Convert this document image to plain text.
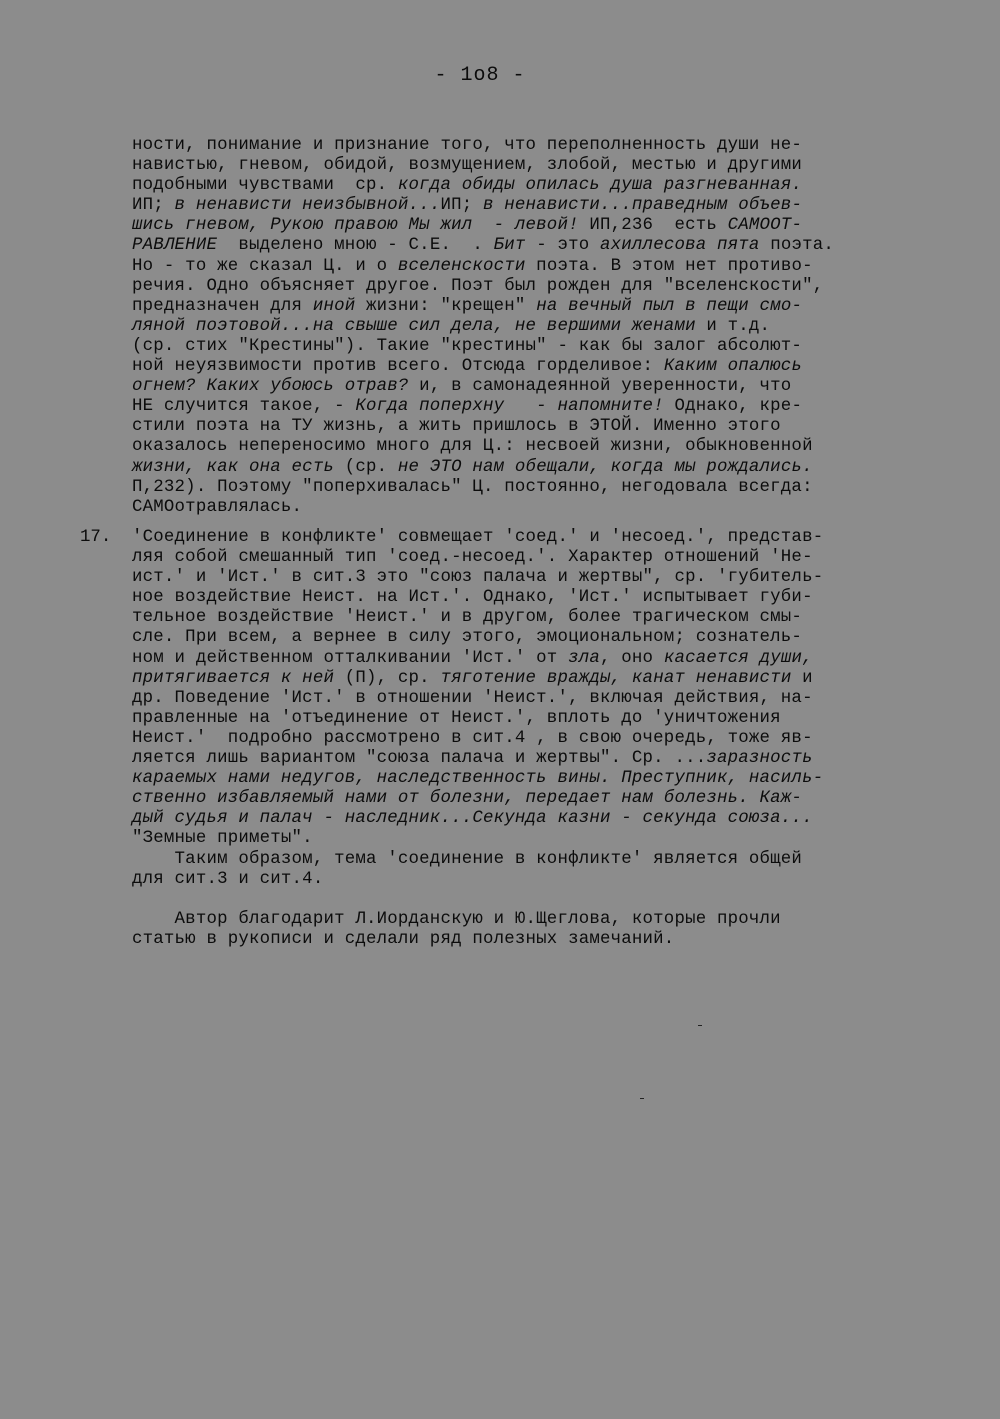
- 1o8 -
ности, понимание и признание того, что переполненность души не-
навистью, гневом, обидой, возмущением, злобой, местью и другими
подобными чувствами  ср. когда обиды опилась душа разгневанная.
ИП; в ненависти неизбывной...ИП; в ненависти...праведным объев-
шись гневом, Рукою правою Мы жил  - левой! ИП,236  есть САМООТ-
РАВЛЕНИЕ  выделено мною - С.Е.  . Бит - это ахиллесова пята поэта.
Но - то же сказал Ц. и о вселенскости поэта. В этом нет противо-
речия. Одно объясняет другое. Поэт был рожден для "вселенскости",
предназначен для иной жизни: "крещен" на вечный пыл в пещи смо-
ляной поэтовой...на свыше сил дела, не вершими женами и т.д.
(ср. стих "Крестины"). Такие "крестины" - как бы залог абсолют-
ной неуязвимости против всего. Отсюда горделивое: Каким опалюсь
огнем? Каких убоюсь отрав? и, в самонадеянной уверенности, что
НЕ случится такое, - Когда поперхну   - напомните! Однако, кре-
стили поэта на ТУ жизнь, а жить пришлось в ЭТОЙ. Именно этого
оказалось непереносимо много для Ц.: несвоей жизни, обыкновенной
жизни, как она есть (ср. не ЭТО нам обещали, когда мы рождались.
П,232). Поэтому "поперхивалась" Ц. постоянно, негодовала всегда:
САМОотравлялась.
17. 'Соединение в конфликте' совмещает 'соед.' и 'несоед.', представ-
ляя собой смешанный тип 'соед.-несоед.'. Характер отношений 'Не-
ист.' и 'Ист.' в сит.3 это "союз палача и жертвы", ср. 'губитель-
ное воздействие Неист. на Ист.'. Однако, 'Ист.' испытывает губи-
тельное воздействие 'Неист.' и в другом, более трагическом смы-
сле. При всем, а вернее в силу этого, эмоциональном; сознатель-
ном и действенном отталкивании 'Ист.' от зла, оно касается души,
притягивается к ней (П), ср. тяготение вражды, канат ненависти и
др. Поведение 'Ист.' в отношении 'Неист.', включая действия, на-
правленные на 'отъединение от Неист.', вплоть до 'уничтожения
Неист.'  подробно рассмотрено в сит.4 , в свою очередь, тоже яв-
ляется лишь вариантом "союза палача и жертвы". Ср. ...заразность
караемых нами недугов, наследственность вины. Преступник, насиль-
ственно избавляемый нами от болезни, передает нам болезнь. Каж-
дый судья и палач - наследник...Секунда казни - секунда союза...
"Земные приметы".
Таким образом, тема 'соединение в конфликте' является общей
для сит.3 и сит.4.
Автор благодарит Л.Иорданскую и Ю.Щеглова, которые прочли
статью в рукописи и сделали ряд полезных замечаний.
